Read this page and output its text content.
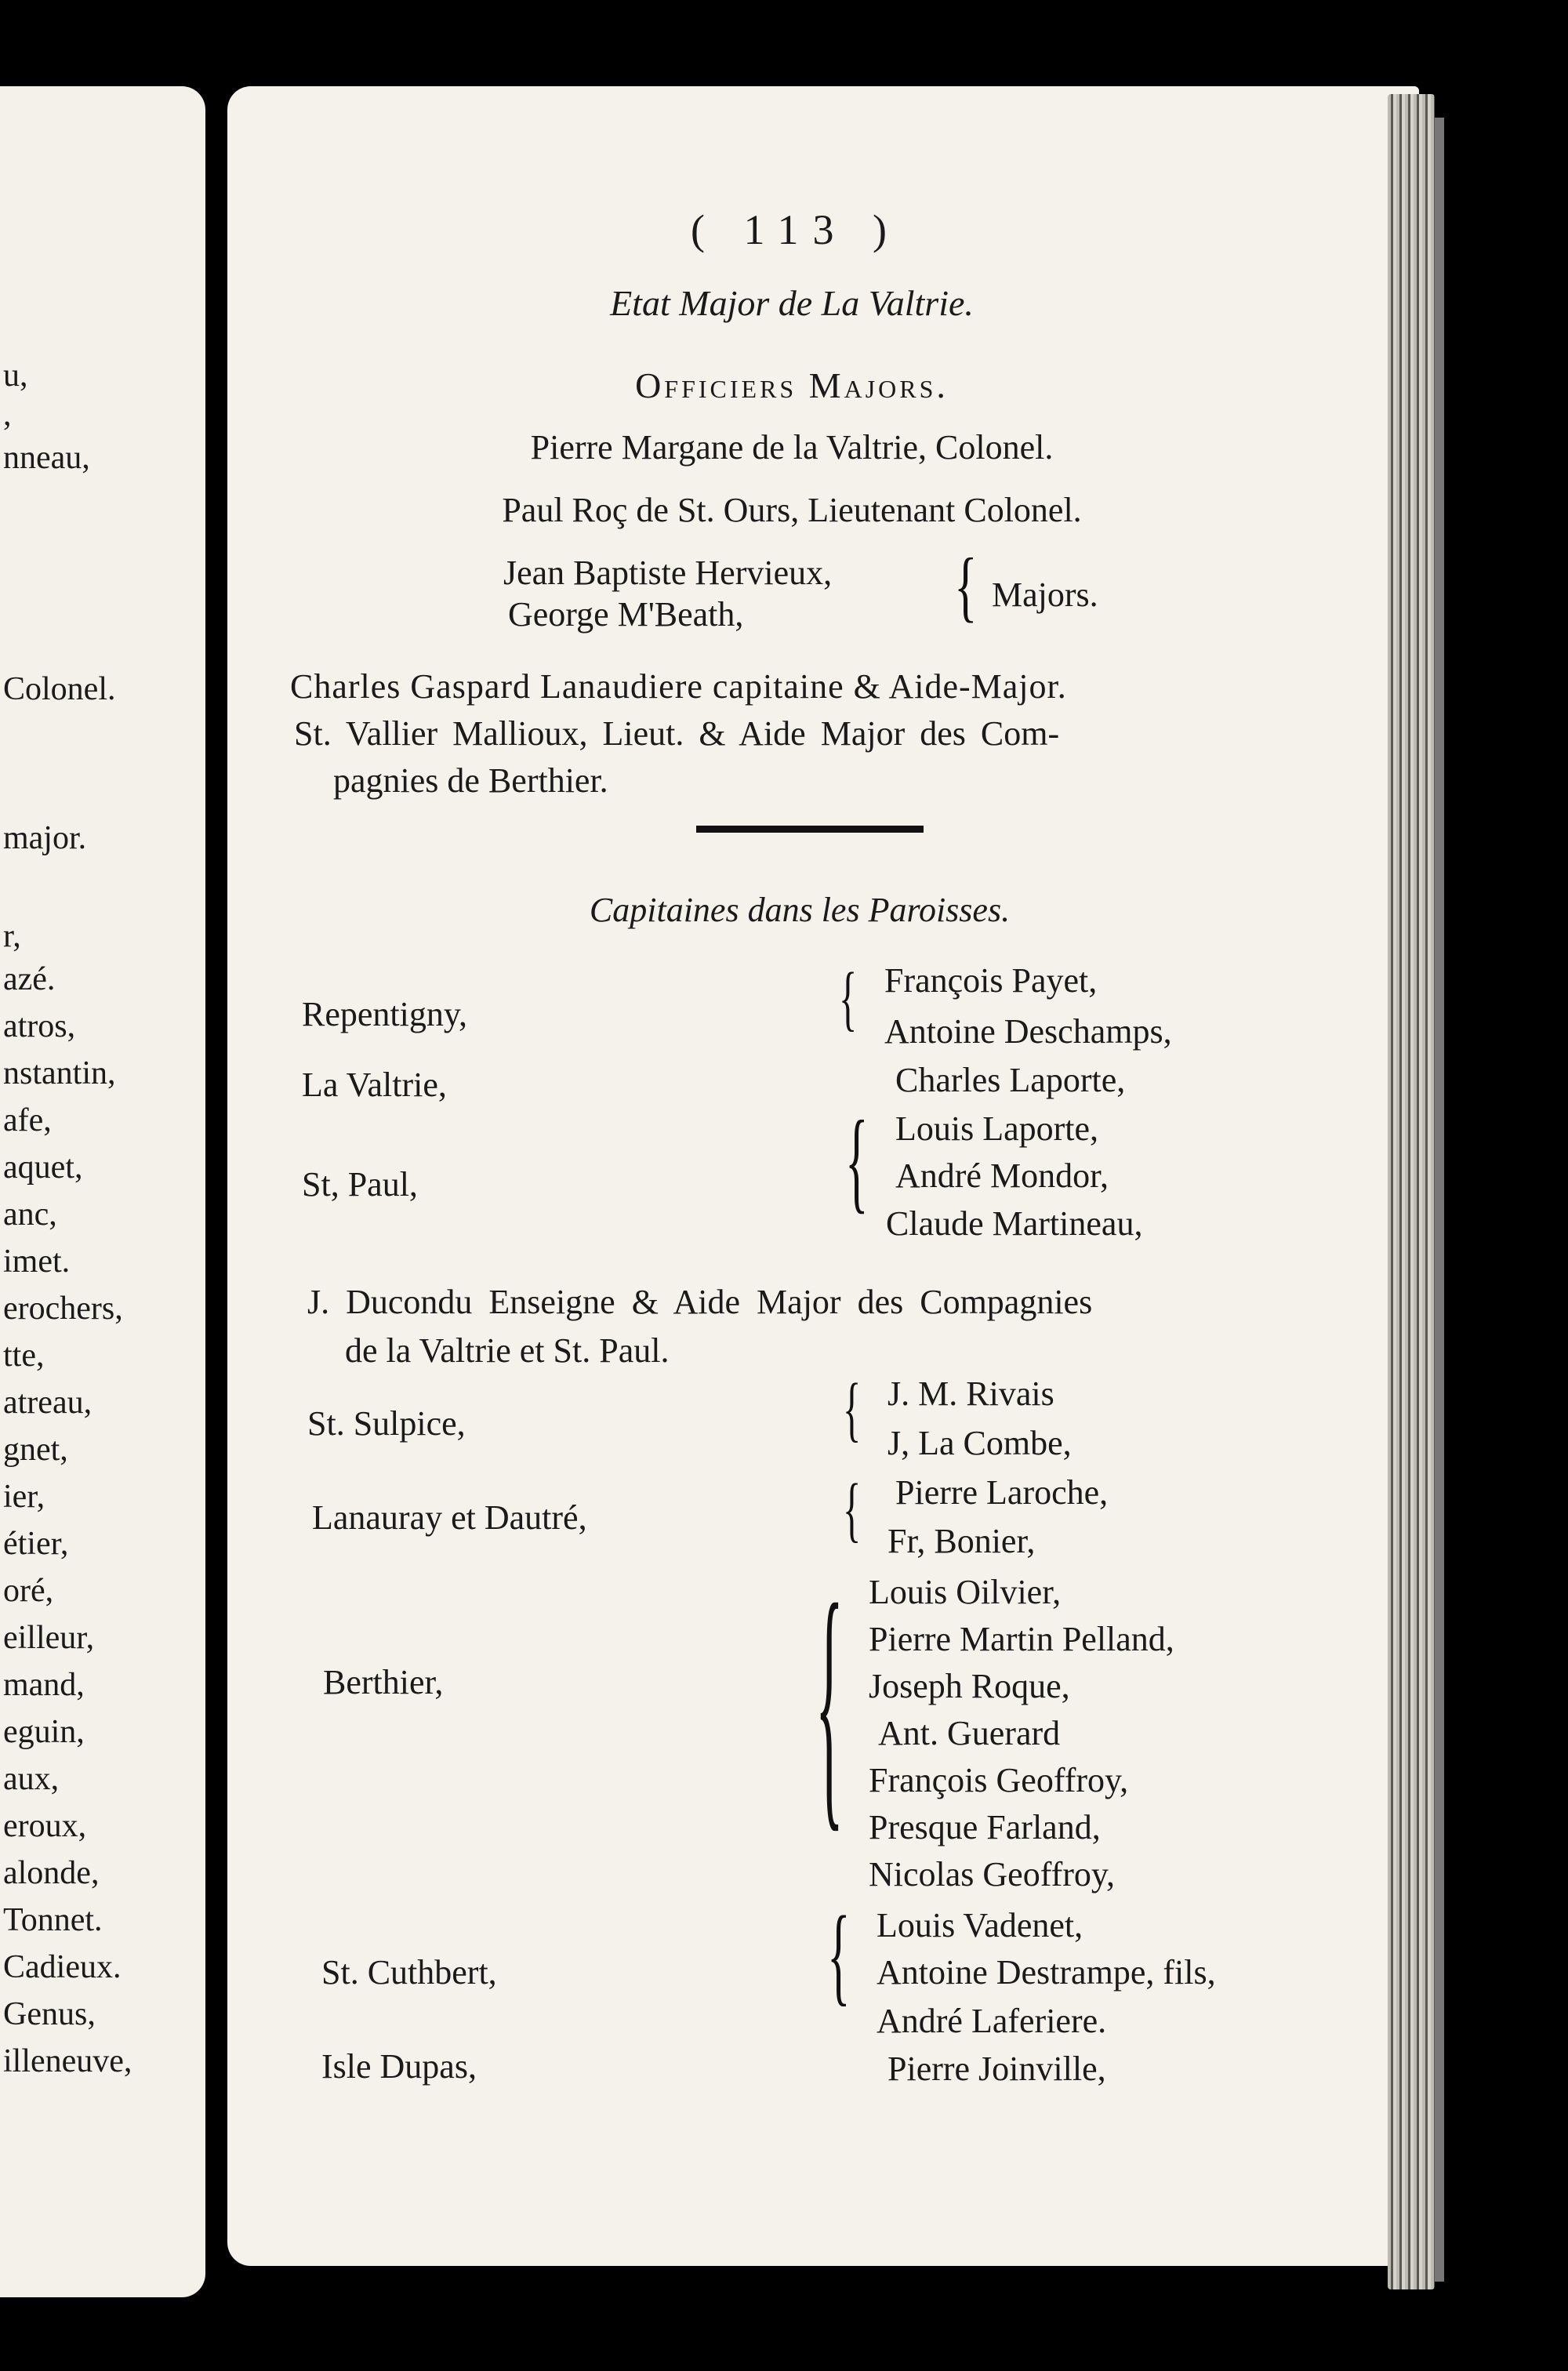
u,
,
nneau,
Colonel.
major.
r,
azé.
atros,
nstantin,
afe,
aquet,
anc,
imet.
erochers,
tte,
atreau,
gnet,
ier,
étier,
oré,
eilleur,
mand,
eguin,
aux,
eroux,
alonde,
Tonnet.
Cadieux.
Genus,
illeneuve,
( 113 )
Etat Major de La Valtrie.
Officiers Majors.
Pierre Margane de la Valtrie, Colonel.
Paul Roç de St. Ours, Lieutenant Colonel.
Jean Baptiste Hervieux,
George M'Beath,	{ Majors.
Charles Gaspard Lanaudiere capitaine & Aide-Major.
St. Vallier Mallioux, Lieut. & Aide Major des Com-
pagnies de Berthier.
Capitaines dans les Paroisses.
Repentigny,	{ François Payet,
Antoine Deschamps,
La Valtrie,	Charles Laporte,
St, Paul,	{ Louis Laporte,
André Mondor,
Claude Martineau,
J. Ducondu Enseigne & Aide Major des Compagnies
de la Valtrie et St. Paul.
St. Sulpice,	{ J. M. Rivais
J, La Combe,
Lanauray et Dautré,	{ Pierre Laroche,
Fr, Bonier,
Berthier,	{ Louis Oilvier,
Pierre Martin Pelland,
Joseph Roque,
Ant. Guerard
François Geoffroy,
Presque Farland,
Nicolas Geoffroy,
St. Cuthbert,	{ Louis Vadenet,
Antoine Destrampe, fils,
André Laferiere.
Isle Dupas,	Pierre Joinville,
